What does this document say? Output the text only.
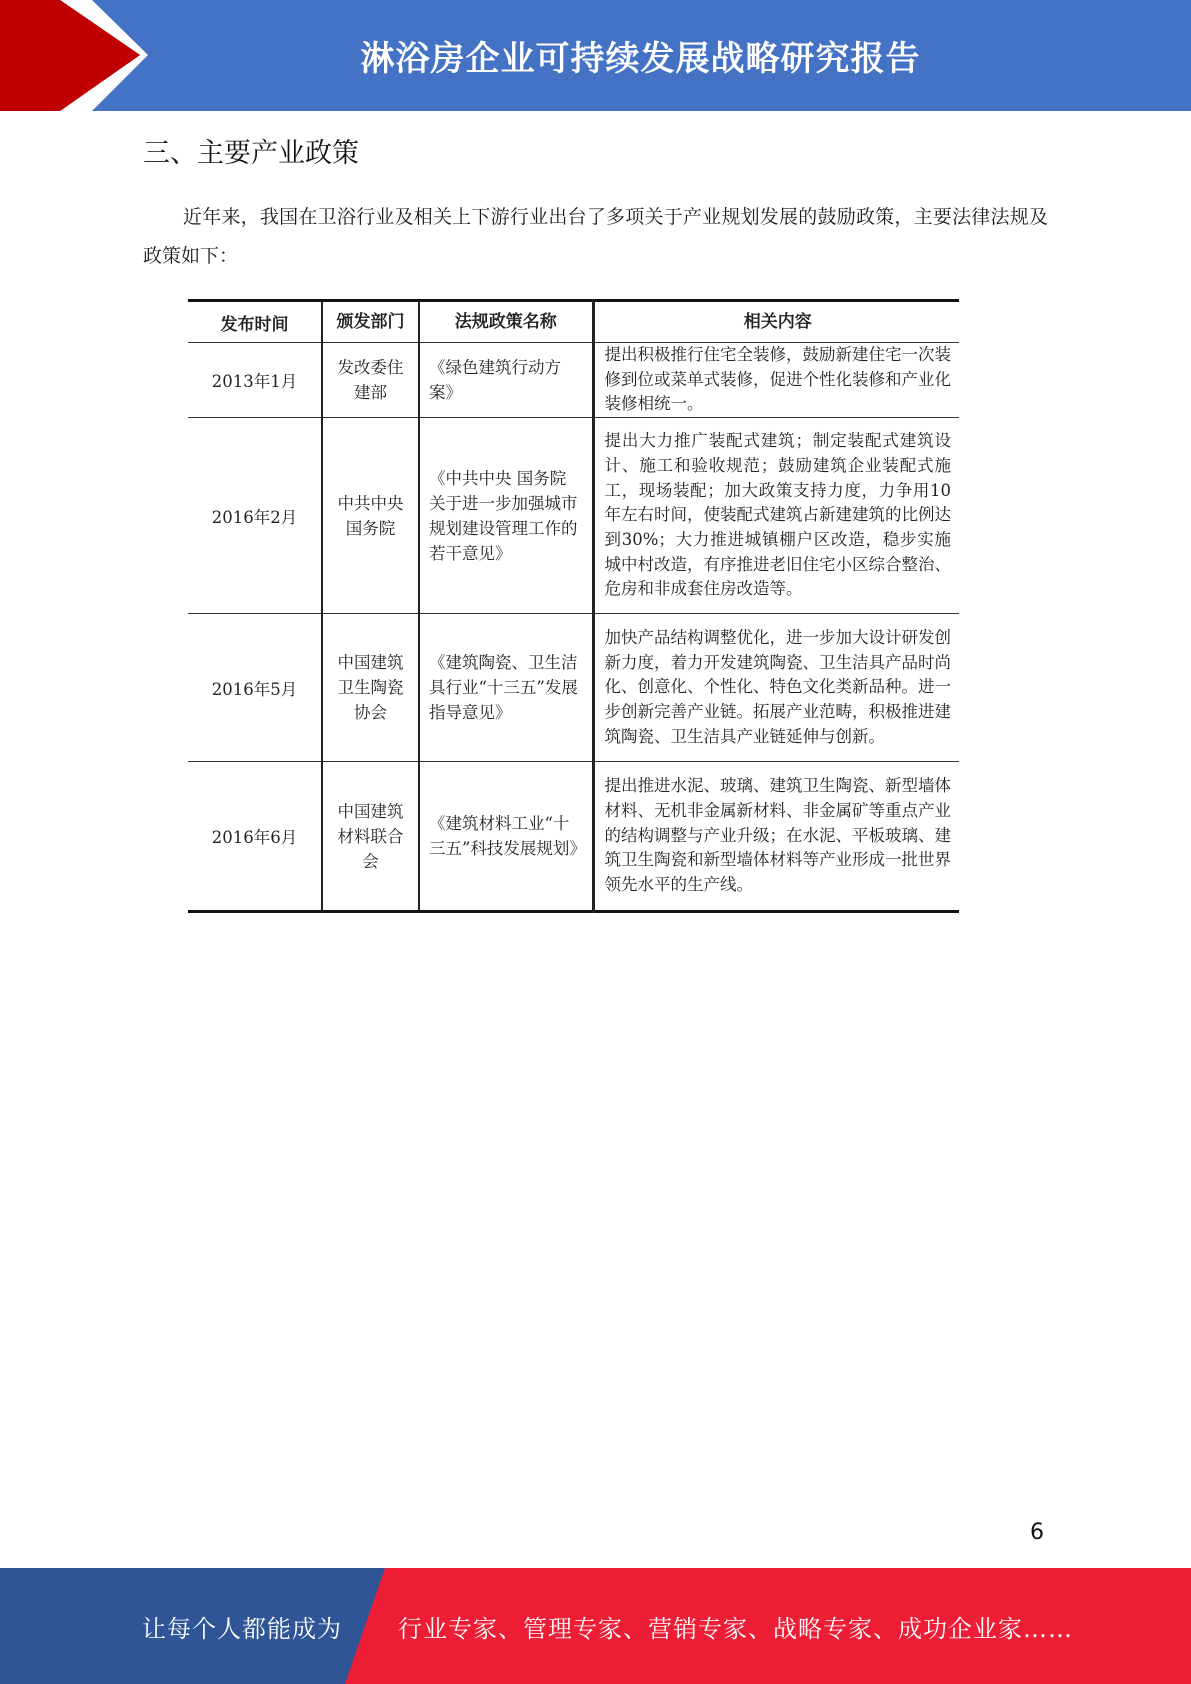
淋浴房企业可持续发展战略研究报告
三、主要产业政策
近年来，我国在卫浴行业及相关上下游行业出台了多项关于产业规划发展的鼓励政策，主要法律法规及政策如下：
发布时间	颁发部门	法规政策名称	相关内容
2013年1月	发改委住建部	《绿色建筑行动方案》	提出积极推行住宅全装修，鼓励新建住宅一次装修到位或菜单式装修，促进个性化装修和产业化装修相统一。
2016年2月	中共中央国务院	《中共中央 国务院关于进一步加强城市规划建设管理工作的若干意见》	提出大力推广装配式建筑；制定装配式建筑设计、施工和验收规范；鼓励建筑企业装配式施工，现场装配；加大政策支持力度，力争用10年左右时间，使装配式建筑占新建建筑的比例达到30%；大力推进城镇棚户区改造，稳步实施城中村改造，有序推进老旧住宅小区综合整治、危房和非成套住房改造等。
2016年5月	中国建筑卫生陶瓷协会	《建筑陶瓷、卫生洁具行业“十三五”发展指导意见》	加快产品结构调整优化，进一步加大设计研发创新力度，着力开发建筑陶瓷、卫生洁具产品时尚化、创意化、个性化、特色文化类新品种。进一步创新完善产业链。拓展产业范畴，积极推进建筑陶瓷、卫生洁具产业链延伸与创新。
2016年6月	中国建筑材料联合会	《建筑材料工业“十三五”科技发展规划》	提出推进水泥、玻璃、建筑卫生陶瓷、新型墙体材料、无机非金属新材料、非金属矿等重点产业的结构调整与产业升级；在水泥、平板玻璃、建筑卫生陶瓷和新型墙体材料等产业形成一批世界领先水平的生产线。
6
让每个人都能成为 行业专家、管理专家、营销专家、战略专家、成功企业家……
